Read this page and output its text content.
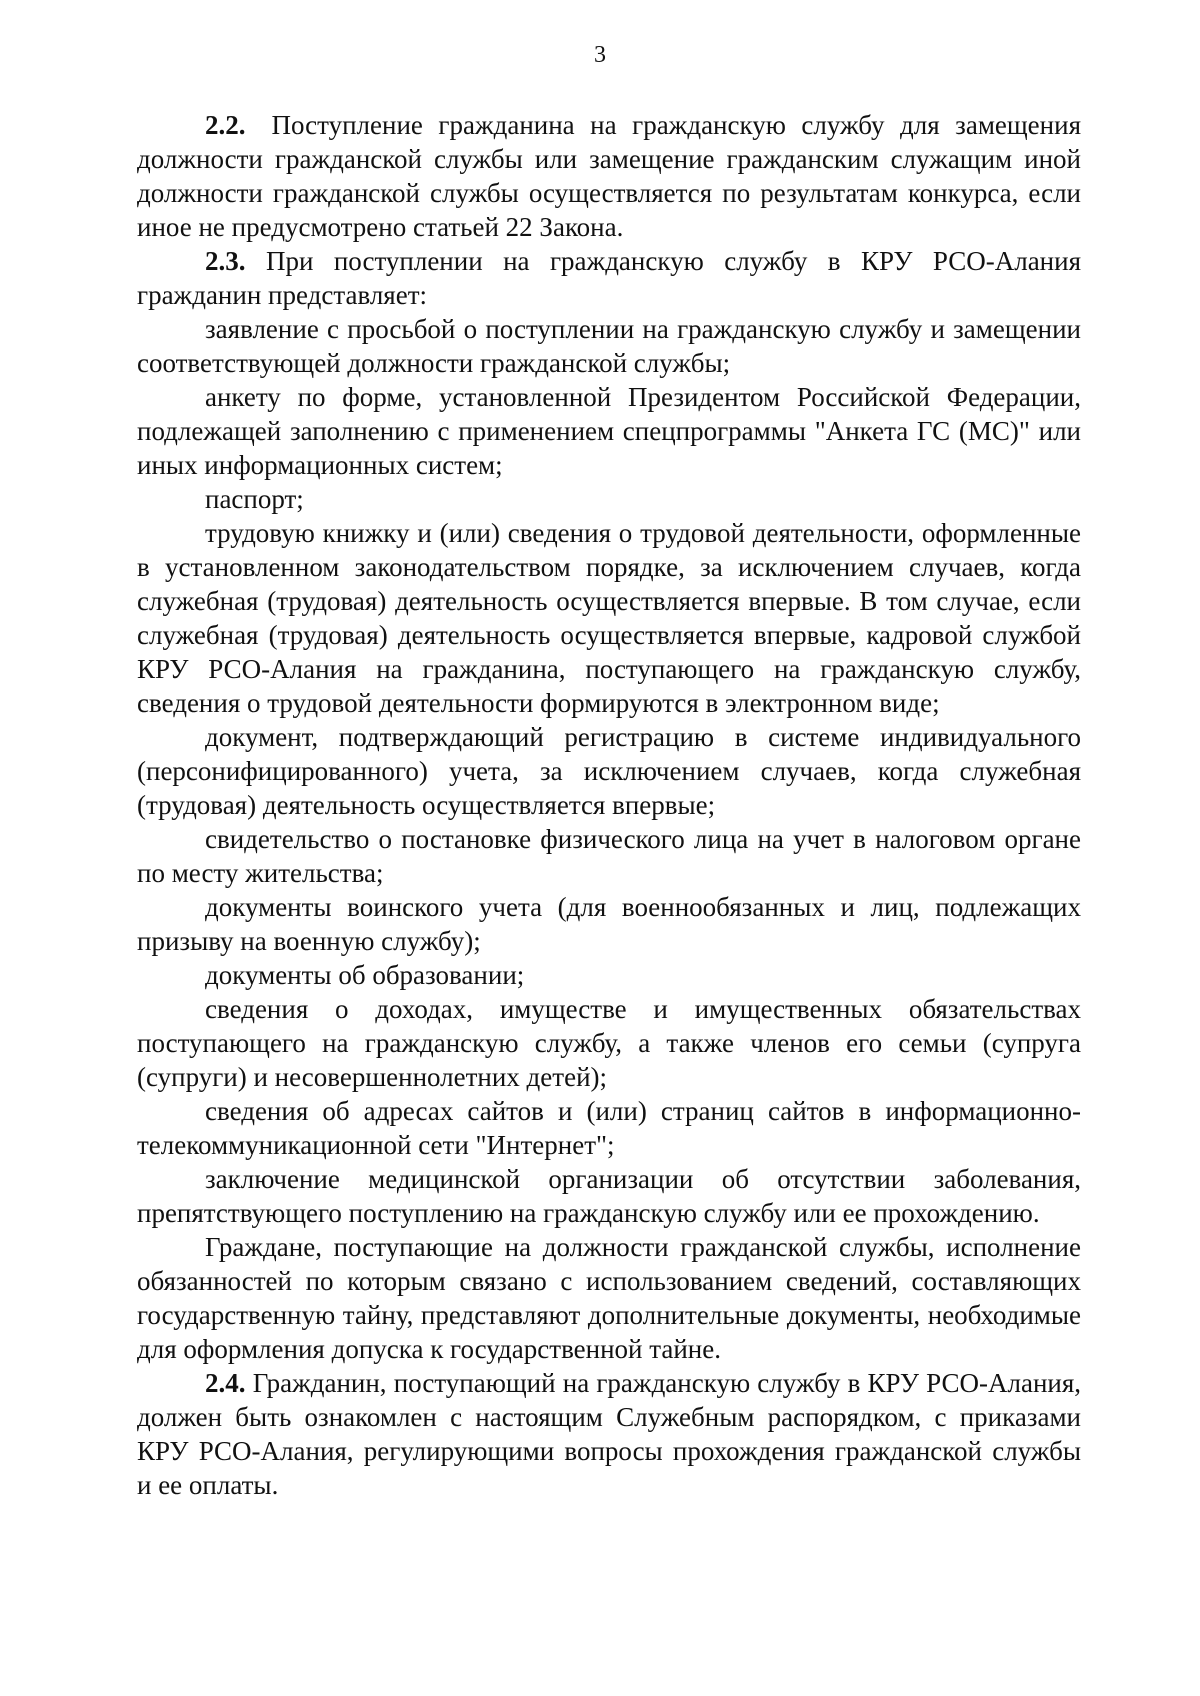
3

2.2. Поступление гражданина на гражданскую службу для замещения должности гражданской службы или замещение гражданским служащим иной должности гражданской службы осуществляется по результатам конкурса, если иное не предусмотрено статьей 22 Закона.

2.3. При поступлении на гражданскую службу в КРУ РСО-Алания гражданин представляет:

заявление с просьбой о поступлении на гражданскую службу и замещении соответствующей должности гражданской службы;

анкету по форме, установленной Президентом Российской Федерации, подлежащей заполнению с применением спецпрограммы "Анкета ГС (МС)" или иных информационных систем;

паспорт;

трудовую книжку и (или) сведения о трудовой деятельности, оформленные в установленном законодательством порядке, за исключением случаев, когда служебная (трудовая) деятельность осуществляется впервые. В том случае, если служебная (трудовая) деятельность осуществляется впервые, кадровой службой КРУ РСО-Алания на гражданина, поступающего на гражданскую службу, сведения о трудовой деятельности формируются в электронном виде;

документ, подтверждающий регистрацию в системе индивидуального (персонифицированного) учета, за исключением случаев, когда служебная (трудовая) деятельность осуществляется впервые;

свидетельство о постановке физического лица на учет в налоговом органе по месту жительства;

документы воинского учета (для военнообязанных и лиц, подлежащих призыву на военную службу);

документы об образовании;

сведения о доходах, имуществе и имущественных обязательствах поступающего на гражданскую службу, а также членов его семьи (супруга (супруги) и несовершеннолетних детей);

сведения об адресах сайтов и (или) страниц сайтов в информационно-телекоммуникационной сети "Интернет";

заключение медицинской организации об отсутствии заболевания, препятствующего поступлению на гражданскую службу или ее прохождению.

Граждане, поступающие на должности гражданской службы, исполнение обязанностей по которым связано с использованием сведений, составляющих государственную тайну, представляют дополнительные документы, необходимые для оформления допуска к государственной тайне.

2.4. Гражданин, поступающий на гражданскую службу в КРУ РСО-Алания, должен быть ознакомлен с настоящим Служебным распорядком, с приказами КРУ РСО-Алания, регулирующими вопросы прохождения гражданской службы и ее оплаты.
